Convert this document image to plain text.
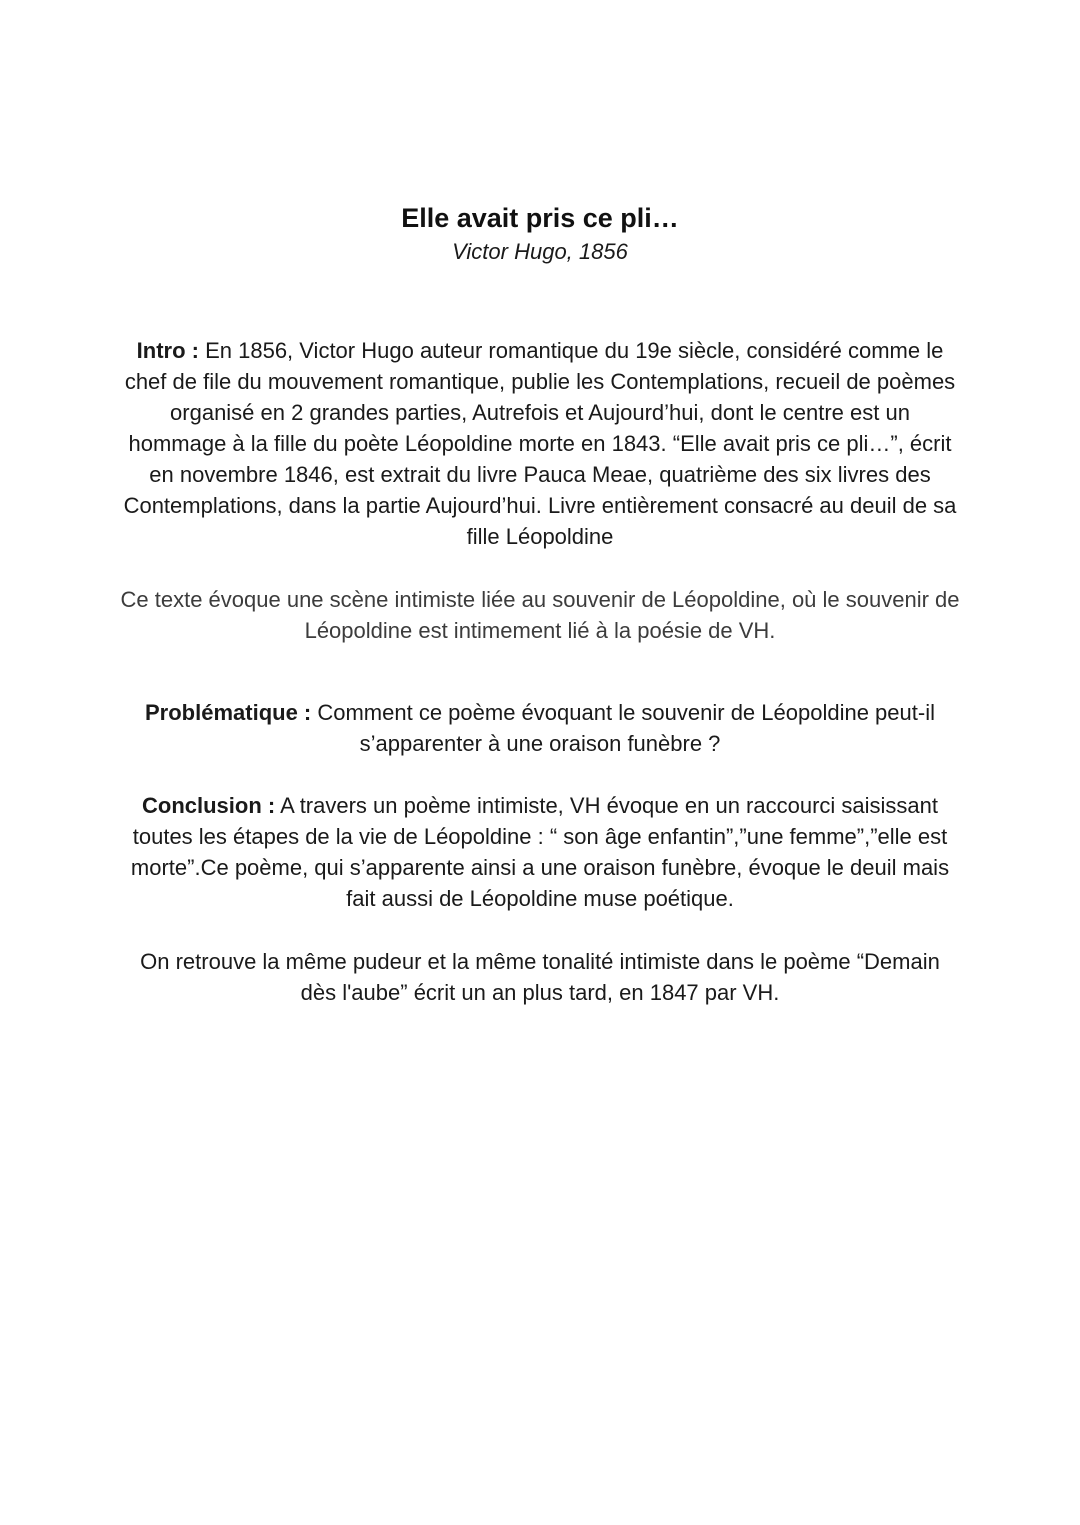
Elle avait pris ce pli…
Victor Hugo, 1856

Intro : En 1856, Victor Hugo auteur romantique du 19e siècle, considéré comme le chef de file du mouvement romantique, publie les Contemplations, recueil de poèmes organisé en 2 grandes parties, Autrefois et Aujourd’hui, dont le centre est un hommage à la fille du poète Léopoldine morte en 1843. “Elle avait pris ce pli…”, écrit en novembre 1846, est extrait du livre Pauca Meae, quatrième des six livres des Contemplations, dans la partie Aujourd’hui. Livre entièrement consacré au deuil de sa fille Léopoldine

Ce texte évoque une scène intimiste liée au souvenir de Léopoldine, où le souvenir de Léopoldine est intimement lié à la poésie de VH.

Problématique : Comment ce poème évoquant le souvenir de Léopoldine peut-il s’apparenter à une oraison funèbre ?

Conclusion : A travers un poème intimiste, VH évoque en un raccourci saisissant toutes les étapes de la vie de Léopoldine : “ son âge enfantin”,”une femme”,”elle est morte”.Ce poème, qui s’apparente ainsi a une oraison funèbre, évoque le deuil mais fait aussi de Léopoldine muse poétique.

On retrouve la même pudeur et la même tonalité intimiste dans le poème “Demain dès l'aube” écrit un an plus tard, en 1847 par VH.
